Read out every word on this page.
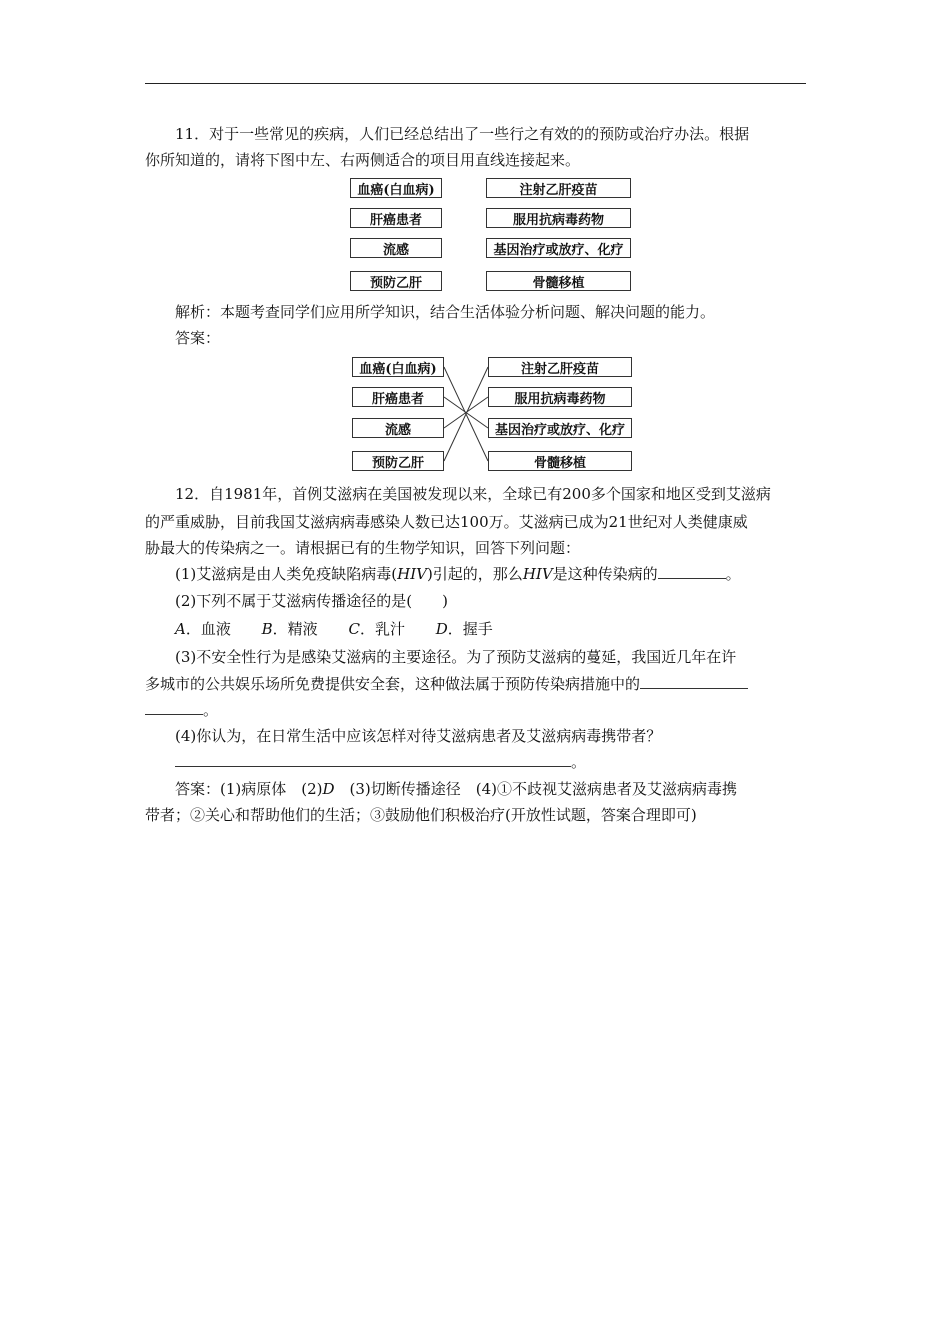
11．对于一些常见的疾病，人们已经总结出了一些行之有效的的预防或治疗办法。根据
你所知道的，请将下图中左、右两侧适合的项目用直线连接起来。
血癌(白血病)
肝癌患者
流感
预防乙肝
注射乙肝疫苗
服用抗病毒药物
基因治疗或放疗、化疗
骨髓移植
解析：本题考查同学们应用所学知识，结合生活体验分析问题、解决问题的能力。
答案：
血癌(白血病)
肝癌患者
流感
预防乙肝
注射乙肝疫苗
服用抗病毒药物
基因治疗或放疗、化疗
骨髓移植
12．自1981年，首例艾滋病在美国被发现以来，全球已有200多个国家和地区受到艾滋病
的严重威胁，目前我国艾滋病病毒感染人数已达100万。艾滋病已成为21世纪对人类健康威
胁最大的传染病之一。请根据已有的生物学知识，回答下列问题：
(1)艾滋病是由人类免疫缺陷病毒(HIV)引起的，那么HIV是这种传染病的	。
(2)下列不属于艾滋病传播途径的是(　　)
A．血液 B．精液 C．乳汁 D．握手
(3)不安全性行为是感染艾滋病的主要途径。为了预防艾滋病的蔓延，我国近几年在许
多城市的公共娱乐场所免费提供安全套，这种做法属于预防传染病措施中的
。
(4)你认为，在日常生活中应该怎样对待艾滋病患者及艾滋病病毒携带者？
。
答案：(1)病原体　(2)D　(3)切断传播途径　(4)①不歧视艾滋病患者及艾滋病病毒携
带者；②关心和帮助他们的生活；③鼓励他们积极治疗(开放性试题，答案合理即可)
